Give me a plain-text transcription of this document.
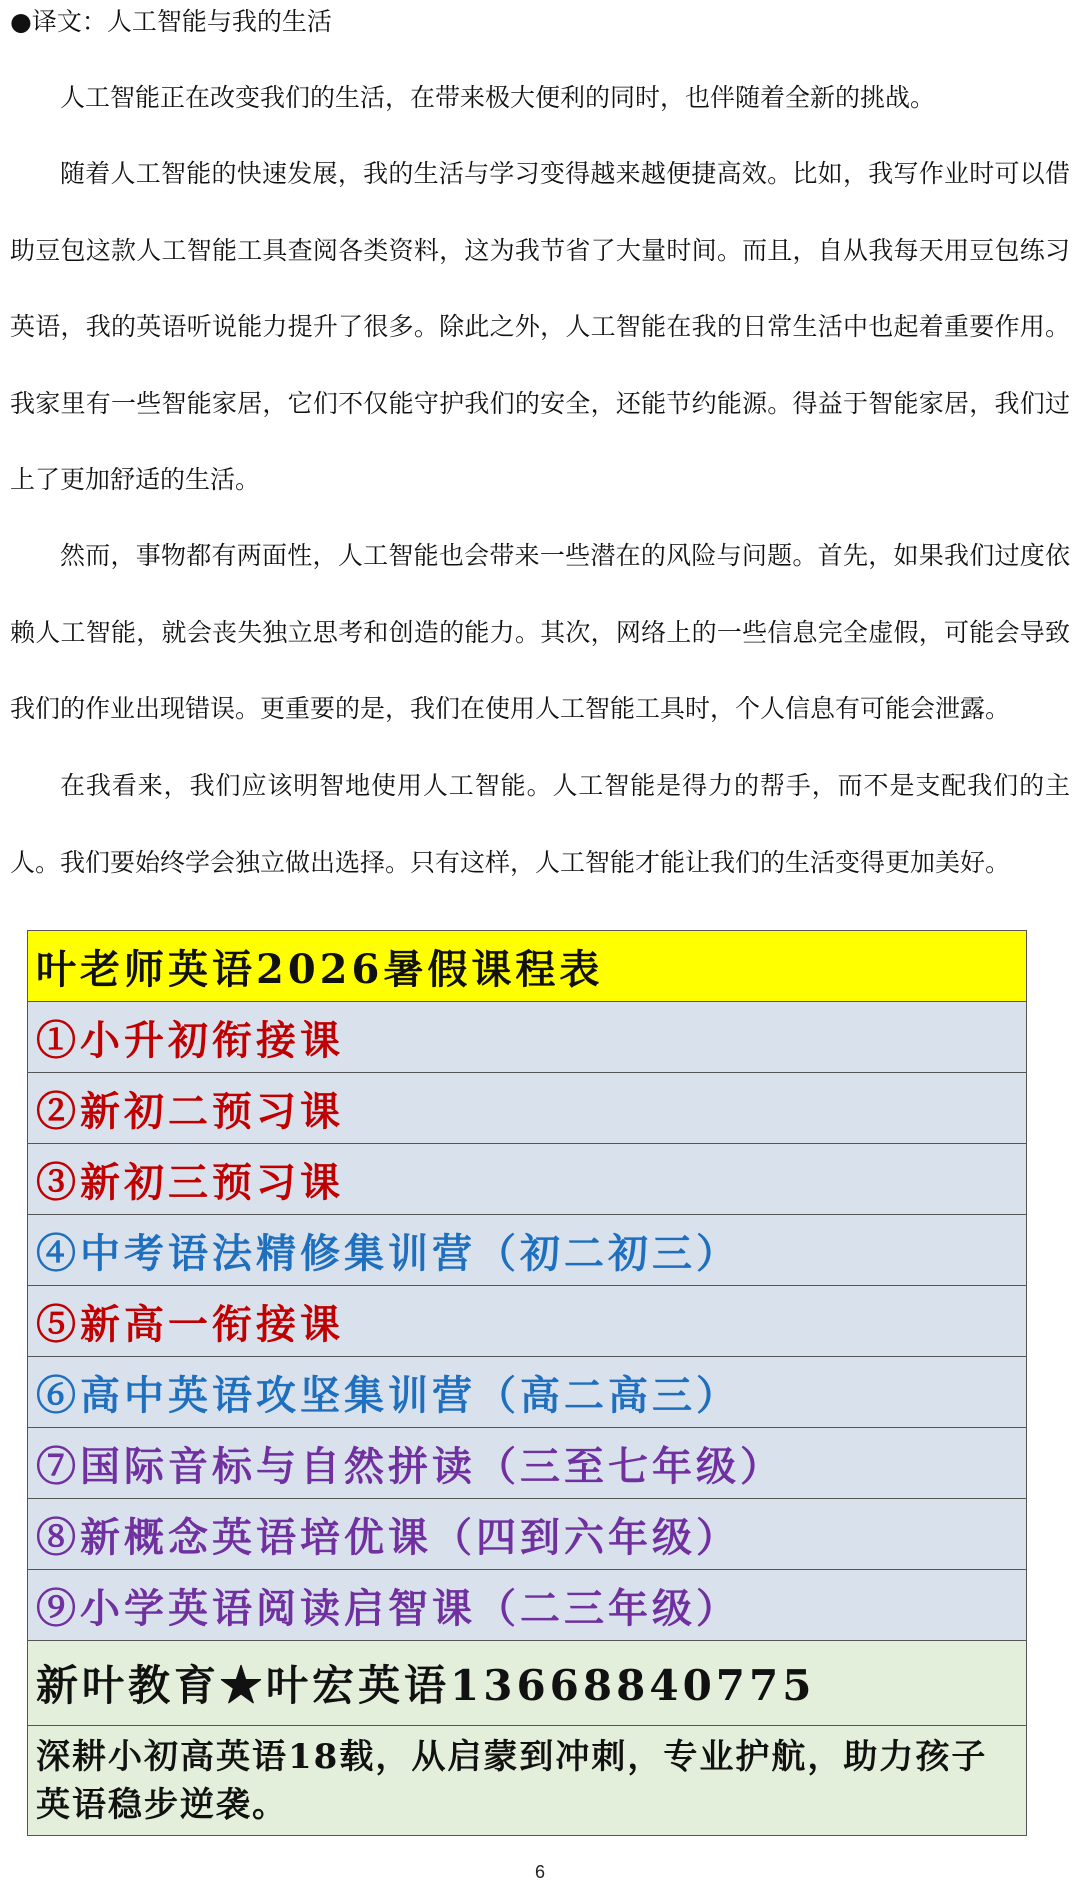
●译文：人工智能与我的生活

人工智能正在改变我们的生活，在带来极大便利的同时，也伴随着全新的挑战。

随着人工智能的快速发展，我的生活与学习变得越来越便捷高效。比如，我写作业时可以借助豆包这款人工智能工具查阅各类资料，这为我节省了大量时间。而且，自从我每天用豆包练习英语，我的英语听说能力提升了很多。除此之外，人工智能在我的日常生活中也起着重要作用。我家里有一些智能家居，它们不仅能守护我们的安全，还能节约能源。得益于智能家居，我们过上了更加舒适的生活。

然而，事物都有两面性，人工智能也会带来一些潜在的风险与问题。首先，如果我们过度依赖人工智能，就会丧失独立思考和创造的能力。其次，网络上的一些信息完全虚假，可能会导致我们的作业出现错误。更重要的是，我们在使用人工智能工具时，个人信息有可能会泄露。

在我看来，我们应该明智地使用人工智能。人工智能是得力的帮手，而不是支配我们的主人。我们要始终学会独立做出选择。只有这样，人工智能才能让我们的生活变得更加美好。

叶老师英语2026暑假课程表
①小升初衔接课
②新初二预习课
③新初三预习课
④中考语法精修集训营（初二初三）
⑤新高一衔接课
⑥高中英语攻坚集训营（高二高三）
⑦国际音标与自然拼读（三至七年级）
⑧新概念英语培优课（四到六年级）
⑨小学英语阅读启智课（二三年级）
新叶教育★叶宏英语13668840775
深耕小初高英语18载，从启蒙到冲刺，专业护航，助力孩子英语稳步逆袭。
6
